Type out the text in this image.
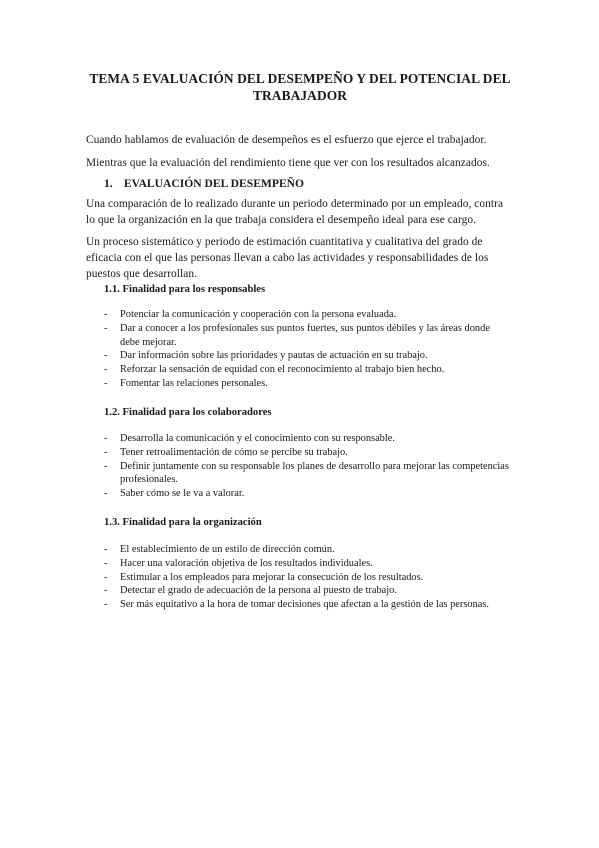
TEMA 5 EVALUACIÓN DEL DESEMPEÑO Y DEL POTENCIAL DEL TRABAJADOR
Cuando hablamos de evaluación de desempeños es el esfuerzo que ejerce el trabajador.
Mientras que la evaluación del rendimiento tiene que ver con los resultados alcanzados.
1. EVALUACIÓN DEL DESEMPEÑO
Una comparación de lo realizado durante un periodo determinado por un empleado, contra lo que la organización en la que trabaja considera el desempeño ideal para ese cargo.
Un proceso sistemático y periodo de estimación cuantitativa y cualitativa del grado de eficacia con el que las personas llevan a cabo las actividades y responsabilidades de los puestos que desarrollan.
1.1. Finalidad para los responsables
- Potenciar la comunicación y cooperación con la persona evaluada.
- Dar a conocer a los profesionales sus puntos fuertes, sus puntos débiles y las áreas donde debe mejorar.
- Dar información sobre las prioridades y pautas de actuación en su trabajo.
- Reforzar la sensación de equidad con el reconocimiento al trabajo bien hecho.
- Fomentar las relaciones personales.
1.2. Finalidad para los colaboradores
- Desarrolla la comunicación y el conocimiento con su responsable.
- Tener retroalimentación de cómo se percibe su trabajo.
- Definir juntamente con su responsable los planes de desarrollo para mejorar las competencias profesionales.
- Saber cómo se le va a valorar.
1.3. Finalidad para la organización
- El establecimiento de un estilo de dirección común.
- Hacer una valoración objetiva de los resultados individuales.
- Estimular a los empleados para mejorar la consecución de los resultados.
- Detectar el grado de adecuación de la persona al puesto de trabajo.
- Ser más equitativo a la hora de tomar decisiones que afectan a la gestión de las personas.
